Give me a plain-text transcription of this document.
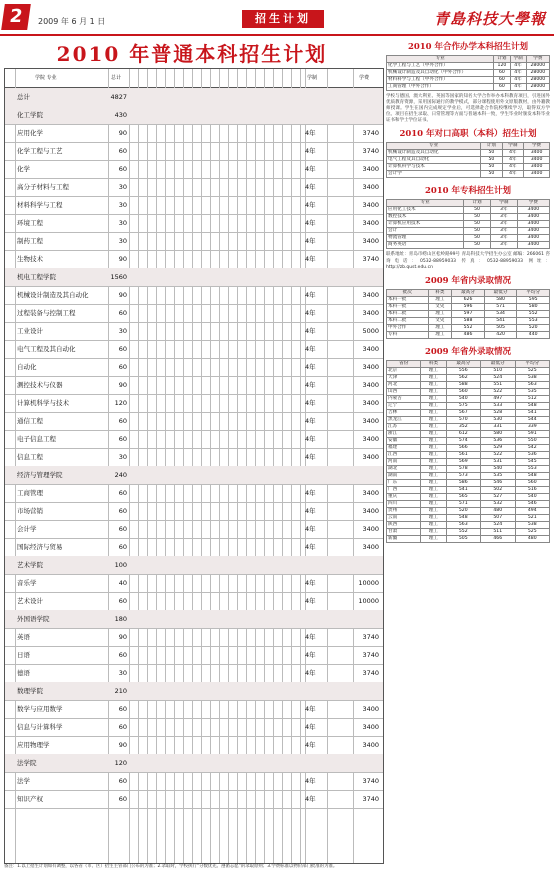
2	2009 年 6 月 1 日	招生计划	青島科技大學報
2010 年普通本科招生计划
学院 专业	总计	学制	学费
总计	4827
化工学院	430
应用化学	90	4年	3740
化学工程与工艺	60	4年	3740
化学	60	4年	3400
高分子材料与工程	30	4年	3400
材料科学与工程	30	4年	3400
环境工程	30	4年	3400
制药工程	30	4年	3400
生物技术	90	4年	3740
机电工程学院	1560
机械设计制造及其自动化	90	4年	3400
过程装备与控制工程	60	4年	3400
工业设计	30	4年	5000
电气工程及其自动化	60	4年	3400
自动化	60	4年	3400
测控技术与仪器	90	4年	3400
计算机科学与技术	120	4年	3400
通信工程	60	4年	3400
电子信息工程	60	4年	3400
信息工程	30	4年	3400
经济与管理学院	240
工商管理	60	4年	3400
市场营销	60	4年	3400
会计学	60	4年	3400
国际经济与贸易	60	4年	3400
艺术学院	100
音乐学	40	4年	10000
艺术设计	60	4年	10000
外国语学院	180
英语	90	4年	3740
日语	60	4年	3740
德语	30	4年	3740
数理学院	210
数学与应用数学	60	4年	3400
信息与计算科学	60	4年	3400
应用物理学	90	4年	3400
法学院	120
法学	60	4年	3740
知识产权	60	4年	3740
备注：1.以上招生计划如有调整，以各省（市、区）招生主管部门公布的为准；2.录取时，学校执行“分数优先、遵循志愿”的录取原则；3.学费标准以物价部门批准的为准。
2010 年合作办学本科招生计划
专业	计划	学制	学费
化学工程与工艺（中外合作）	120	4年	28000
机械设计制造及其自动化（中外合作）	60	4年	28000
材料科学与工程（中外合作）	60	4年	28000
工商管理（中外合作）	60	4年	28000
学校与德国、澳大利亚、英国等国家的知名大学合作举办本科教育项目，引进国外优质教育资源，采用国际通行的教学模式，部分课程使用外文原版教材，由外籍教师授课。学生在国内完成规定学业后，可选择赴合作院校继续学习，取得双方学位。项目在招生录取、日常管理等方面与普通本科一致，学生毕业时颁发本科毕业证书和学士学位证书。
2010 年对口高职（本科）招生计划
专业	计划	学制	学费
机械设计制造及其自动化	50	4年	3400
电气工程及其自动化	50	4年	3400
计算机科学与技术	50	4年	3400
会计学	50	4年	3400
2010 年专科招生计划
专业	计划	学制	学费
应用化工技术	50	3年	3400
数控技术	50	3年	3400
计算机应用技术	50	3年	3400
会计	50	3年	3400
物流管理	50	3年	3400
商务英语	50	3年	3400
联系地址：青岛市崂山区松岭路99号 青岛科技大学招生办公室 邮编：266061 咨询电话：0532-88959033 传真：0532-88959033 网址：http://zb.qust.edu.cn
2009 年省内录取情况
批次	科类	最高分	最低分	平均分
本科一批	理工	626	580	595
本科一批	文史	596	571	580
本科二批	理工	597	534	552
本科二批	文史	588	541	553
中外合作	理工	552	505	520
专科	理工	486	420	440
2009 年省外录取情况
省份	科类	最高分	最低分	平均分
北京	理工	556	510	525
天津	理工	562	524	538
河北	理工	588	551	563
山西	理工	560	522	535
内蒙古	理工	540	497	512
辽宁	理工	575	533	548
吉林	理工	567	528	541
黑龙江	理工	570	530	544
江苏	理工	352	331	339
浙江	理工	612	580	591
安徽	理工	574	536	550
福建	理工	566	529	542
江西	理工	561	522	536
河南	理工	569	531	545
湖北	理工	578	540	553
湖南	理工	573	535	548
广东	理工	586	546	560
广西	理工	541	502	516
重庆	理工	565	527	540
四川	理工	571	532	546
贵州	理工	520	480	494
云南	理工	548	507	521
陕西	理工	563	524	538
甘肃	理工	552	511	525
新疆	理工	505	466	480
